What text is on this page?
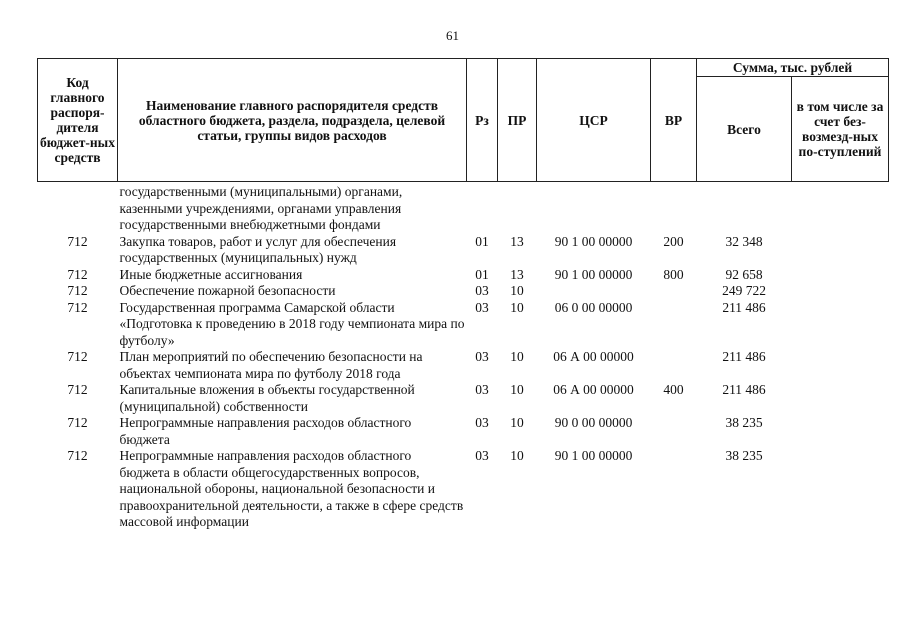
61
Код главного распоря-дителя бюджет-ных средств	Наименование главного распорядителя средств областного бюджета, раздела, подраздела, целевой статьи, группы видов расходов	Рз	ПР	ЦСР	ВР	Сумма, тыс. рублей	
						Всего	в том числе за счет без-возмезд-ных по-ступлений
	государственными (муниципальными) органами, казенными учреждениями, органами управления государственными внебюджетными фондами						
712	Закупка товаров, работ и услуг для обеспечения государственных (муниципальных) нужд	01	13	90 1 00 00000	200	32 348	
712	Иные бюджетные ассигнования	01	13	90 1 00 00000	800	92 658	
712	Обеспечение пожарной безопасности	03	10			249 722	
712	Государственная программа Самарской области «Подготовка к проведению в 2018 году чемпионата мира по футболу»	03	10	06 0 00 00000		211 486	
712	План мероприятий по обеспечению безопасности на объектах чемпионата мира по футболу 2018 года	03	10	06 А 00 00000		211 486	
712	Капитальные вложения в объекты государственной (муниципальной) собственности	03	10	06 А 00 00000	400	211 486	
712	Непрограммные направления расходов областного бюджета	03	10	90 0 00 00000		38 235	
712	Непрограммные направления расходов областного бюджета в области общегосударственных вопросов, национальной обороны, национальной безопасности и правоохранительной деятельности, а также в сфере средств массовой информации	03	10	90 1 00 00000		38 235	
